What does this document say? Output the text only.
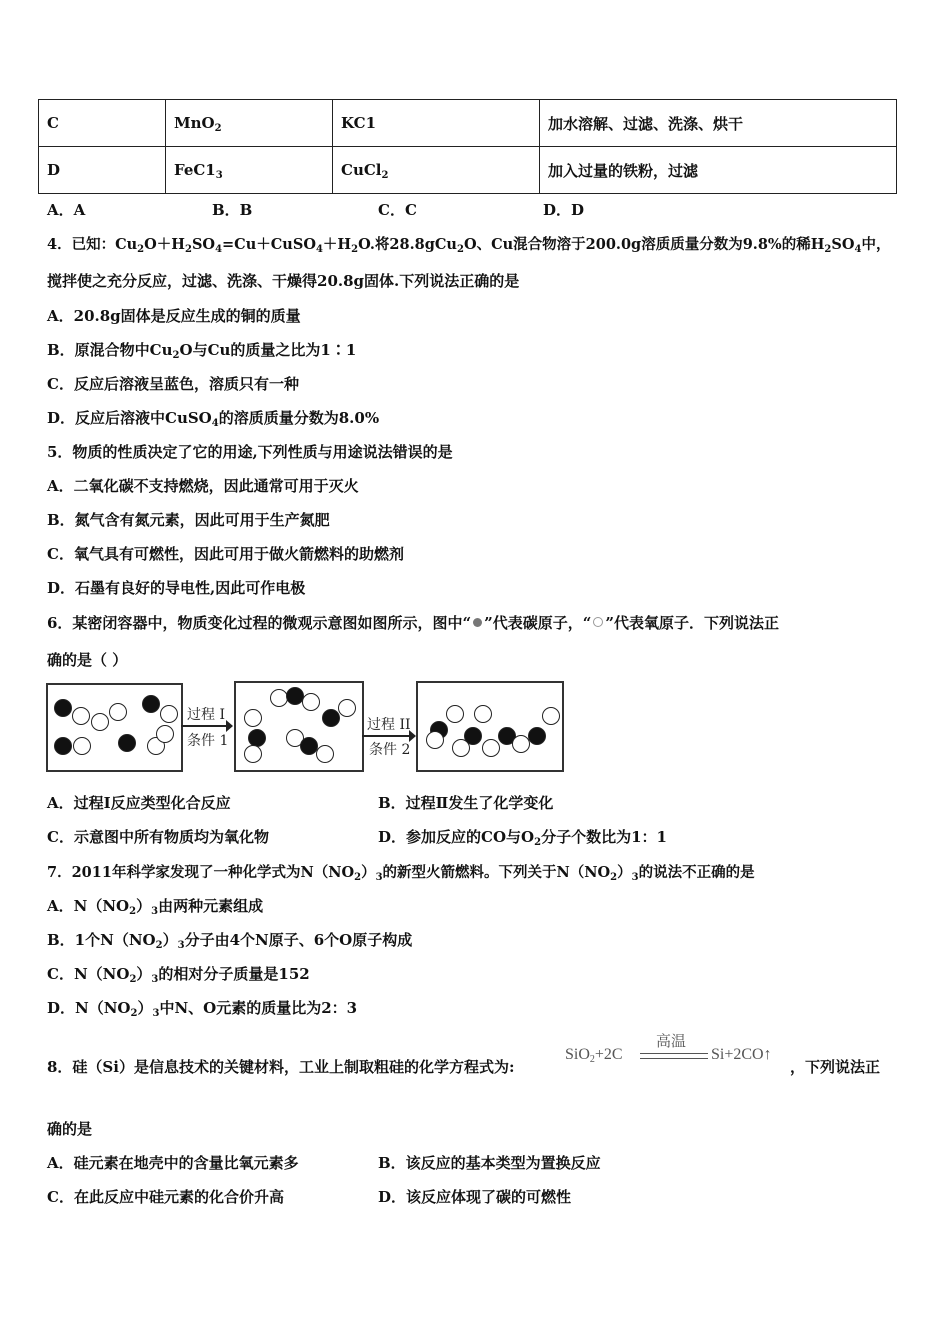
C	MnO$_2$	KC1	加水溶解、过滤、洗涤、烘干
D	$FeC1_3$	CuCl$_2$	加入过量的铁粉，过滤
A．A	B．B	C．C	D．D
4．已知：$Cu_2O+H_2SO_4=Cu+CuSO_4+H_2O$.将28.8gCu$_2$O、Cu混合物溶于200.0g溶质质量分数为9.8%的稀$H_2SO_4$中，
搅拌使之充分反应，过滤、洗涤、干燥得20.8g固体.下列说法正确的是
A．20.8g固体是反应生成的铜的质量
B．原混合物中$Cu_2O$与Cu的质量之比为1∶1
C．反应后溶液呈蓝色，溶质只有一种
D．反应后溶液中CuSO$_4$的溶质质量分数为8.0%
5．物质的性质决定了它的用途,下列性质与用途说法错误的是
A．二氧化碳不支持燃烧，因此通常可用于灭火
B．氮气含有氮元素，因此可用于生产氮肥
C．氧气具有可燃性，因此可用于做火箭燃料的助燃剂
D．石墨有良好的导电性,因此可作电极
6．某密闭容器中，物质变化过程的微观示意图如图所示，图中“ ”代表碳原子，“ ”代表氧原子．下列说法正
确的是（ ）
过程 I
条件 1
过程 II
条件 2
A．过程Ⅰ反应类型化合反应	B．过程Ⅱ发生了化学变化
C．示意图中所有物质均为氧化物	D．参加反应的CO与$O_2$分子个数比为1：1
7．2011年科学家发现了一种化学式为$N(NO_2)_3$的新型火箭燃料。下列关于$N(NO_2)_3$的说法不正确的是
A．$N(NO_2)_3$由两种元素组成
B．1个$N(NO_2)_3$分子由4个N原子、6个O原子构成
C．$N(NO_2)_3$的相对分子质量是152
D．$N(NO_2)_3$中N、O元素的质量比为2：3
8．硅（Si）是信息技术的关键材料，工业上制取粗硅的化学方程式为:
SiO$_2$+2C
高温
Si+2CO↑
，下列说法正
确的是
A．硅元素在地壳中的含量比氧元素多	B．该反应的基本类型为置换反应
C．在此反应中硅元素的化合价升高	D．该反应体现了碳的可燃性
